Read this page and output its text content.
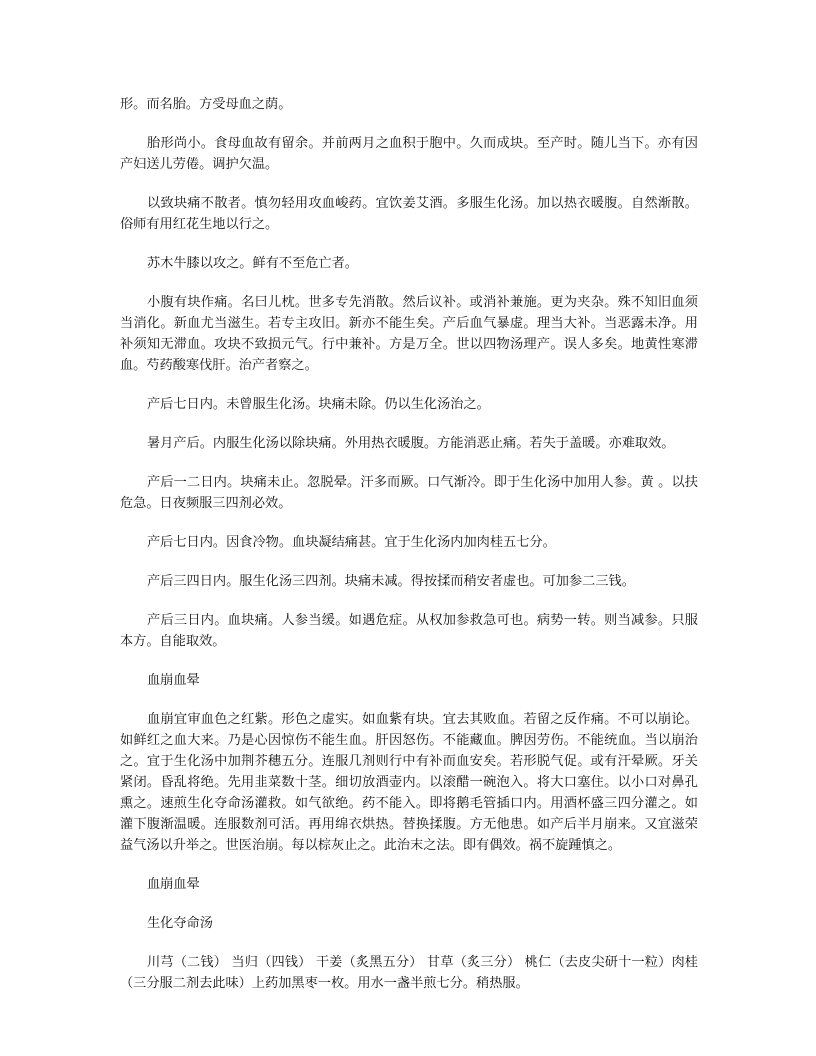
形。而名胎。方受母血之荫。

胎形尚小。食母血故有留余。并前两月之血积于胞中。久而成块。至产时。随儿当下。亦有因产妇送儿劳倦。调护欠温。

以致块痛不散者。慎勿轻用攻血峻药。宜饮姜艾酒。多服生化汤。加以热衣暖腹。自然渐散。俗师有用红花生地以行之。

苏木牛膝以攻之。鲜有不至危亡者。

小腹有块作痛。名曰儿枕。世多专先消散。然后议补。或消补兼施。更为夹杂。殊不知旧血须当消化。新血尤当滋生。若专主攻旧。新亦不能生矣。产后血气暴虚。理当大补。当恶露未净。用补须知无滞血。攻块不致损元气。行中兼补。方是万全。世以四物汤理产。误人多矣。地黄性寒滞血。芍药酸寒伐肝。治产者察之。

产后七日内。未曾服生化汤。块痛未除。仍以生化汤治之。

暑月产后。内服生化汤以除块痛。外用热衣暖腹。方能消恶止痛。若失于盖暖。亦难取效。

产后一二日内。块痛未止。忽脱晕。汗多而厥。口气渐冷。即于生化汤中加用人参。黄 。以扶危急。日夜频服三四剂必效。

产后七日内。因食冷物。血块凝结痛甚。宜于生化汤内加肉桂五七分。

产后三四日内。服生化汤三四剂。块痛未减。得按揉而稍安者虚也。可加参二三钱。

产后三日内。血块痛。人参当缓。如遇危症。从权加参救急可也。病势一转。则当减参。只服本方。自能取效。

血崩血晕

血崩宜审血色之红紫。形色之虚实。如血紫有块。宜去其败血。若留之反作痛。不可以崩论。如鲜红之血大来。乃是心因惊伤不能生血。肝因怒伤。不能藏血。脾因劳伤。不能统血。当以崩治之。宜于生化汤中加荆芥穗五分。连服几剂则行中有补而血安矣。若形脱气促。或有汗晕厥。牙关紧闭。昏乱将绝。先用韭菜数十茎。细切放酒壶内。以滚醋一碗泡入。将大口塞住。以小口对鼻孔熏之。速煎生化夺命汤灌救。如气欲绝。药不能入。即将鹅毛管插口内。用酒杯盛三四分灌之。如灌下腹渐温暖。连服数剂可活。再用绵衣烘热。替换揉腹。方无他患。如产后半月崩来。又宜滋荣益气汤以升举之。世医治崩。每以棕灰止之。此治末之法。即有偶效。祸不旋踵慎之。

血崩血晕

生化夺命汤

川芎（二钱） 当归（四钱） 干姜（炙黑五分） 甘草（炙三分） 桃仁（去皮尖研十一粒）肉桂（三分服二剂去此味）上药加黑枣一枚。用水一盏半煎七分。稍热服。
